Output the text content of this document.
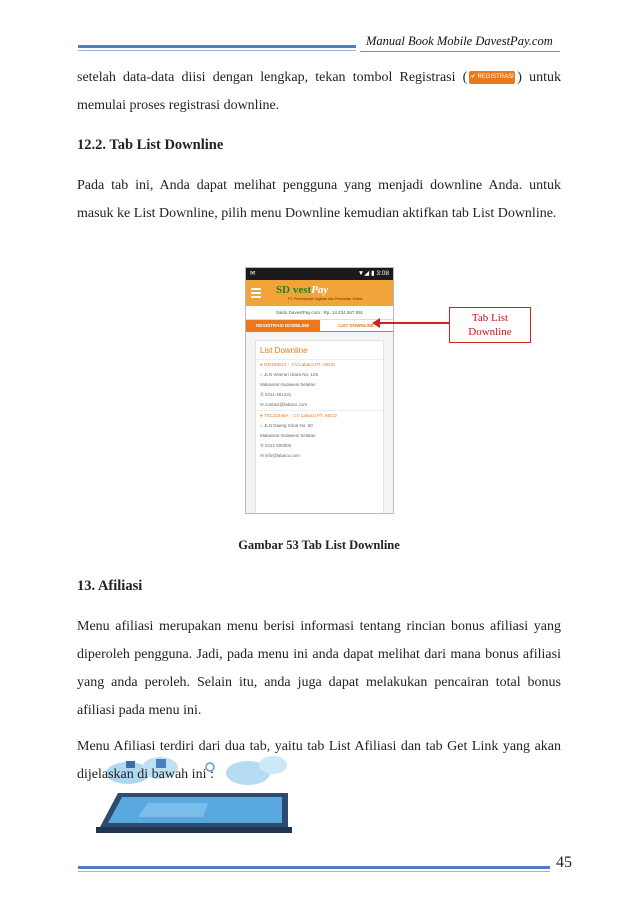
Manual Book Mobile DavestPay.com
setelah data-data diisi dengan lengkap, tekan tombol Registrasi ( ✔ REGISTRASI ) untuk memulai proses registrasi downline.
12.2. Tab List Downline
Pada tab ini, Anda dapat melihat pengguna yang menjadi downline Anda. untuk masuk ke List Downline, pilih menu Downline kemudian aktifkan tab List Downline.
✉	▼◢ ▮ 3:08
SD vestPay
PT. Pembayaran Tagihan dan Pembelian Online
Saldo DavestPay.com : Rp. 14.234.567.891
REGISTRASI DOWNLINE	LIST DOWNLINE
List Downline
● HSI158021 - ,CV Labaco,PT. ABCD
⌂ JLN Veteran Utara No. 125
Makassar-Sulawesi Selatan
✆ 0411-451231
✉ contact@labaco.com
● TSC12345A - ,CV Labaco,PT. ABCD
⌂ JLN Daeng Sirua No. 60
Makassar-Sulawesi Selatan
✆ 0411-500000
✉ info@labaco.com
Tab List
Downline
Gambar 53 Tab List Downline
13. Afiliasi
Menu afiliasi merupakan menu berisi informasi tentang rincian bonus afiliasi yang diperoleh pengguna. Jadi, pada menu ini anda dapat melihat dari mana bonus afiliasi yang anda peroleh. Selain itu, anda juga dapat melakukan pencairan total bonus afiliasi pada menu ini.
Menu Afiliasi terdiri dari dua tab, yaitu tab List Afiliasi dan tab Get Link yang akan dijelaskan di bawah ini :
45
